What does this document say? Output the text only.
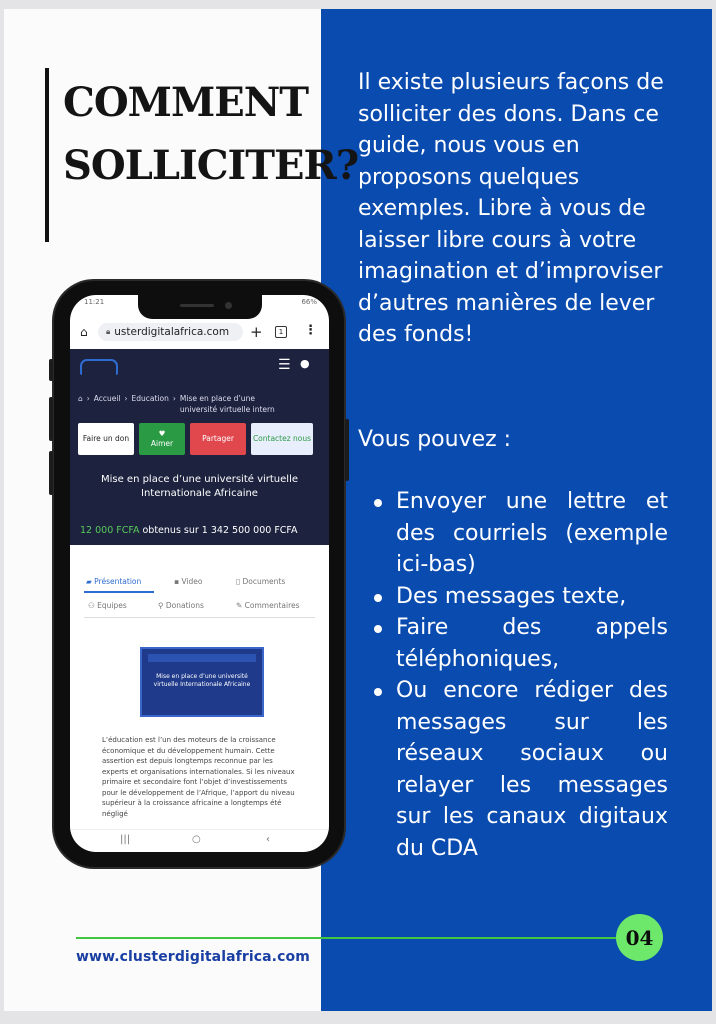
COMMENT
SOLLICITER?
Il existe plusieurs façons de solliciter des dons. Dans ce guide, nous vous en proposons quelques exemples. Libre à vous de laisser libre cours à votre imagination et d’improviser d’autres manières de lever des fonds!
Vous pouvez :
Envoyer une lettre et des courriels (exemple ici-bas)
Des messages texte,
Faire des appels téléphoniques,
Ou encore rédiger des messages sur les réseaux sociaux ou relayer les messages sur les canaux digitaux du CDA
www.clusterdigitalafrica.com
04
11:21	66%
⌂ 🔒︎ usterdigitalafrica.com +	1 ⋮
☰ ●
⌂ › Accueil › Education › Mise en place d’une université virtuelle intern
Faire un don
♥
Aimer
Partager	Contactez nous
Mise en place d’une université virtuelle Internationale Africaine
12 000 FCFA obtenus sur 1 342 500 000 FCFA
▰ Présentation	▪ Video	▯ Documents
⚇ Equipes	⚲ Donations	✎ Commentaires
Mise en place d’une université virtuelle Internationale Africaine
L’éducation est l’un des moteurs de la croissance économique et du développement humain. Cette assertion est depuis longtemps reconnue par les experts et organisations internationales. Si les niveaux primaire et secondaire font l’objet d’investissements pour le développement de l’Afrique, l’apport du niveau supérieur à la croissance africaine a longtemps été négligé
|||	○	‹
